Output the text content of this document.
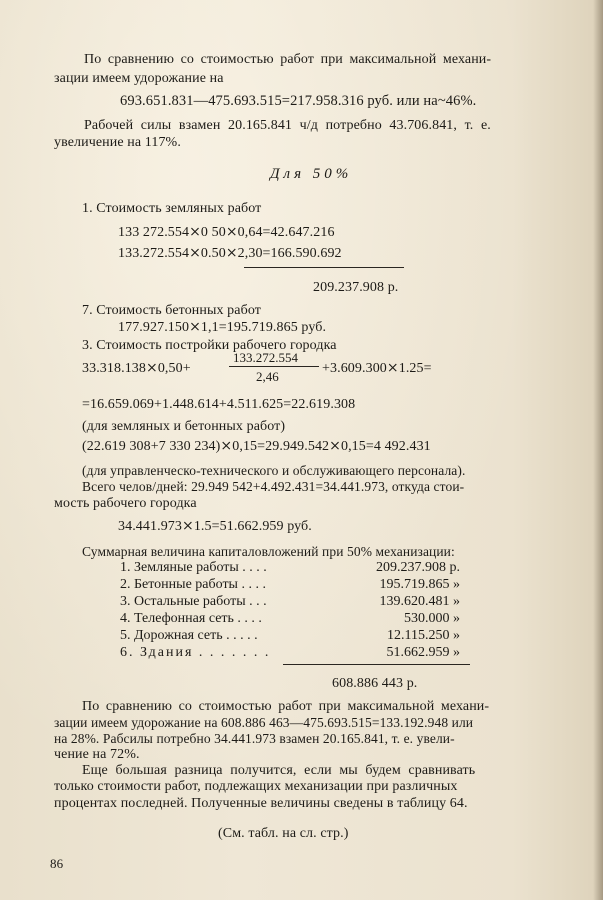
По сравнению со стоимостью работ при максимальной механи-
зации имеем удорожание на
693.651.831—475.693.515=217.958.316 руб. или на~46%.
Рабочей силы взамен 20.165.841 ч/д потребно 43.706.841, т. е.
увеличение на 117%.
Для 50%
1. Стоимость земляных работ
133 272.554⨯0 50⨯0,64=42.647.216
133.272.554⨯0.50⨯2,30=166.590.692
209.237.908 р.
7. Стоимость бетонных работ
177.927.150⨯1,1=195.719.865 руб.
3. Стоимость постройки рабочего городка
33.318.138⨯0,50+
133.272.554
2,46
+3.609.300⨯1.25=
=16.659.069+1.448.614+4.511.625=22.619.308
(для земляных и бетонных работ)
(22.619 308+7 330 234)⨯0,15=29.949.542⨯0,15=4 492.431
(для управленческо-технического и обслуживающего персонала).
Всего челов/дней: 29.949 542+4.492.431=34.441.973, откуда стои-
мость рабочего городка
34.441.973⨯1.5=51.662.959 руб.
Суммарная величина капиталовложений при 50% механизации:
1. Земляные работы . . . .	209.237.908 р.
2. Бетонные работы . . . .	195.719.865 »
3. Остальные работы . . .	139.620.481 »
4. Телефонная сеть . . . .	530.000 »
5. Дорожная сеть . . . . .	12.115.250 »
6. Здания . . . . . . .	51.662.959 »
608.886 443 р.
По сравнению со стоимостью работ при максимальной механи-
зации имеем удорожание на 608.886 463—475.693.515=133.192.948 или
на 28%. Рабсилы потребно 34.441.973 взамен 20.165.841, т. е. увели-
чение на 72%.
Еще большая разница получится, если мы будем сравнивать
только стоимости работ, подлежащих механизации при различных
процентах последней. Полученные величины сведены в таблицу 64.
(См. табл. на сл. стр.)
86
